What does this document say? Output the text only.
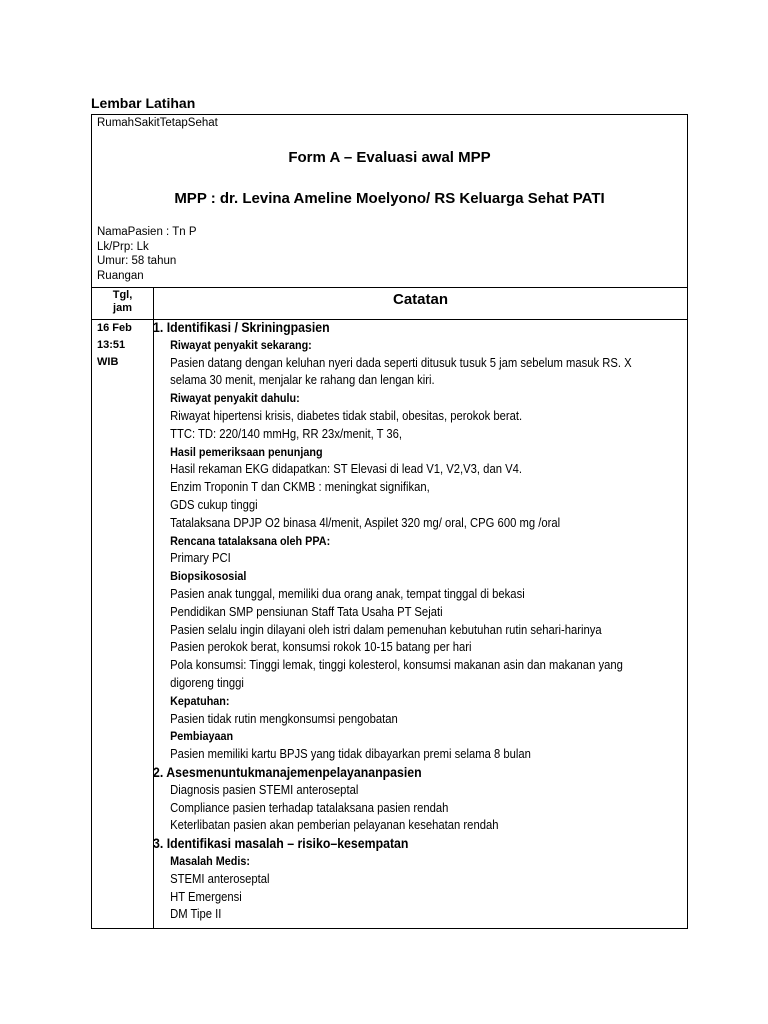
Lembar Latihan
RumahSakitTetapSehat
Form A – Evaluasi awal MPP
MPP : dr. Levina Ameline Moelyono/ RS Keluarga Sehat PATI
NamaPasien : Tn P
Lk/Prp: Lk
Umur: 58 tahun
Ruangan
Tgl,
jam	Catatan
16 Feb
13:51
WIB
1. Identifikasi / Skriningpasien
Riwayat penyakit sekarang:
Pasien datang dengan keluhan nyeri dada seperti ditusuk tusuk 5 jam sebelum masuk RS. X
selama 30 menit, menjalar ke rahang dan lengan kiri.
Riwayat penyakit dahulu:
Riwayat hipertensi krisis, diabetes tidak stabil, obesitas, perokok berat.
TTC: TD: 220/140 mmHg, RR 23x/menit, T 36,
Hasil pemeriksaan penunjang
Hasil rekaman EKG didapatkan: ST Elevasi di lead V1, V2,V3, dan V4.
Enzim Troponin T dan CKMB : meningkat signifikan,
GDS cukup tinggi
Tatalaksana DPJP O2 binasa 4l/menit, Aspilet 320 mg/ oral, CPG 600 mg /oral
Rencana tatalaksana oleh PPA:
Primary PCI
Biopsikososial
Pasien anak tunggal, memiliki dua orang anak, tempat tinggal di bekasi
Pendidikan SMP pensiunan Staff Tata Usaha PT Sejati
Pasien selalu ingin dilayani oleh istri dalam pemenuhan kebutuhan rutin sehari-harinya
Pasien perokok berat, konsumsi rokok 10-15 batang per hari
Pola konsumsi: Tinggi lemak, tinggi kolesterol, konsumsi makanan asin dan makanan yang
digoreng tinggi
Kepatuhan:
Pasien tidak rutin mengkonsumsi pengobatan
Pembiayaan
Pasien memiliki kartu BPJS yang tidak dibayarkan premi selama 8 bulan
2. Asesmenuntukmanajemenpelayananpasien
Diagnosis pasien STEMI anteroseptal
Compliance pasien terhadap tatalaksana pasien rendah
Keterlibatan pasien akan pemberian pelayanan kesehatan rendah
3. Identifikasi masalah – risiko–kesempatan
Masalah Medis:
STEMI anteroseptal
HT Emergensi
DM Tipe II
